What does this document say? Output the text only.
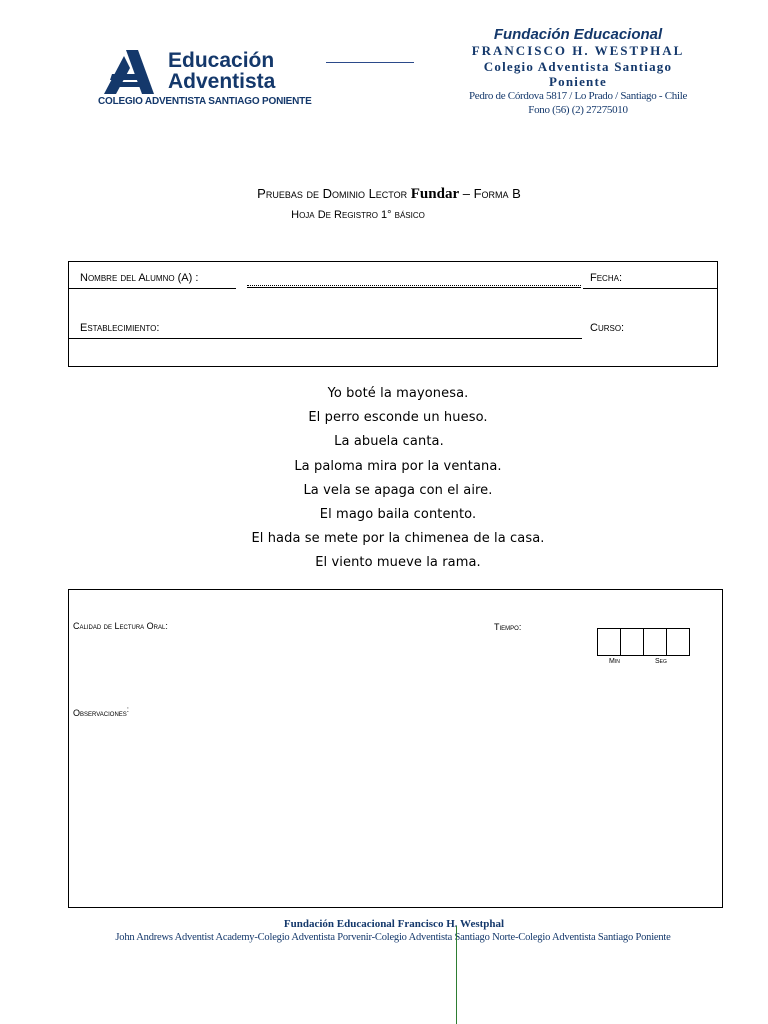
Educación
Adventista
COLEGIO ADVENTISTA SANTIAGO PONIENTE
Fundación Educacional
FRANCISCO H. WESTPHAL
Colegio Adventista Santiago
Poniente
Pedro de Córdova 5817 / Lo Prado / Santiago - Chile
Fono (56) (2) 27275010
Pruebas de Dominio Lector Fundar – Forma B
Hoja De Registro 1° básico
Nombre del Alumno (A) :	Fecha:
Establecimiento:	Curso:
Yo boté la mayonesa.
El perro esconde un hueso.
La abuela canta.
La paloma mira por la ventana.
La vela se apaga con el aire.
El mago baila contento.
El hada se mete por la chimenea de la casa.
El viento mueve la rama.
Calidad de Lectura Oral:	Tiempo:
Min	Seg
Observaciones:
Fundación Educacional Francisco H. Westphal
John Andrews Adventist Academy-Colegio Adventista Porvenir-Colegio Adventista Santiago Norte-Colegio Adventista Santiago Poniente
